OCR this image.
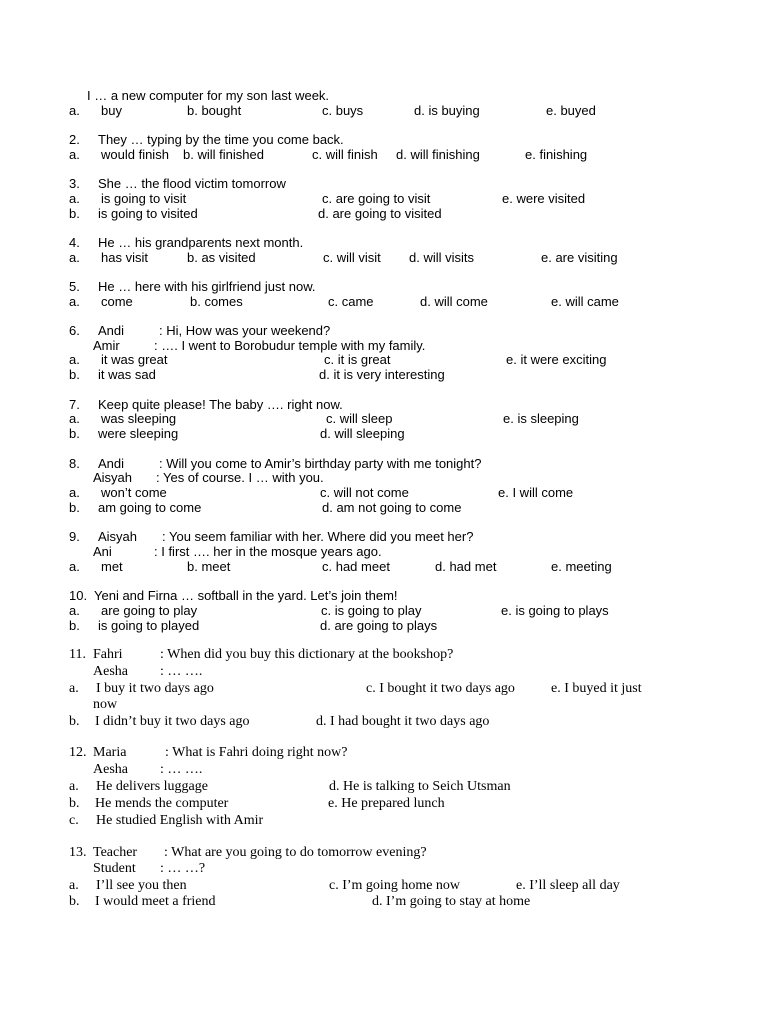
I … a new computer for my son last week.
a. buy	b. bought	c. buys	d. is buying	e. buyed
2. They … typing by the time you come back.
a. would finish b. will finished	c. will finish d. will finishing	e. finishing
3. She … the flood victim tomorrow
a. is going to visit	c. are going to visit	e. were visited
b. is going to visited	d. are going to visited
4. He … his grandparents next month.
a. has visit	b. as visited	c. will visit d. will visits	e. are visiting
5. He … here with his girlfriend just now.
a. come	b. comes	c. came	d. will come	e. will came
6. Andi	: Hi, How was your weekend?
Amir	: …. I went to Borobudur temple with my family.
a. it was great	c. it is great	e. it were exciting
b. it was sad	d. it is very interesting
7. Keep quite please! The baby …. right now.
a. was sleeping	c. will sleep	e. is sleeping
b. were sleeping	d. will sleeping
8. Andi	: Will you come to Amir’s birthday party with me tonight?
Aisyah : Yes of course. I … with you.
a. won’t come	c. will not come	e. I will come
b. am going to come	d. am not going to come
9. Aisyah : You seem familiar with her. Where did you meet her?
Ani	: I first …. her in the mosque years ago.
a. met	b. meet	c. had meet	d. had met	e. meeting
10. Yeni and Firna … softball in the yard. Let’s join them!
a. are going to play	c. is going to play	e. is going to plays
b. is going to played	d. are going to plays
11. Fahri	: When did you buy this dictionary at the bookshop?
Aesha : … ….
a. I buy it two days ago	c. I bought it two days ago	e. I buyed it just
now
b. I didn’t buy it two days ago	d. I had bought it two days ago
12. Maria	: What is Fahri doing right now?
Aesha : … ….
a. He delivers luggage	d. He is talking to Seich Utsman
b. He mends the computer	e. He prepared lunch
c. He studied English with Amir
13. Teacher : What are you going to do tomorrow evening?
Student : … …?
a. I’ll see you then	c. I’m going home now	e. I’ll sleep all day
b. I would meet a friend	d. I’m going to stay at home
